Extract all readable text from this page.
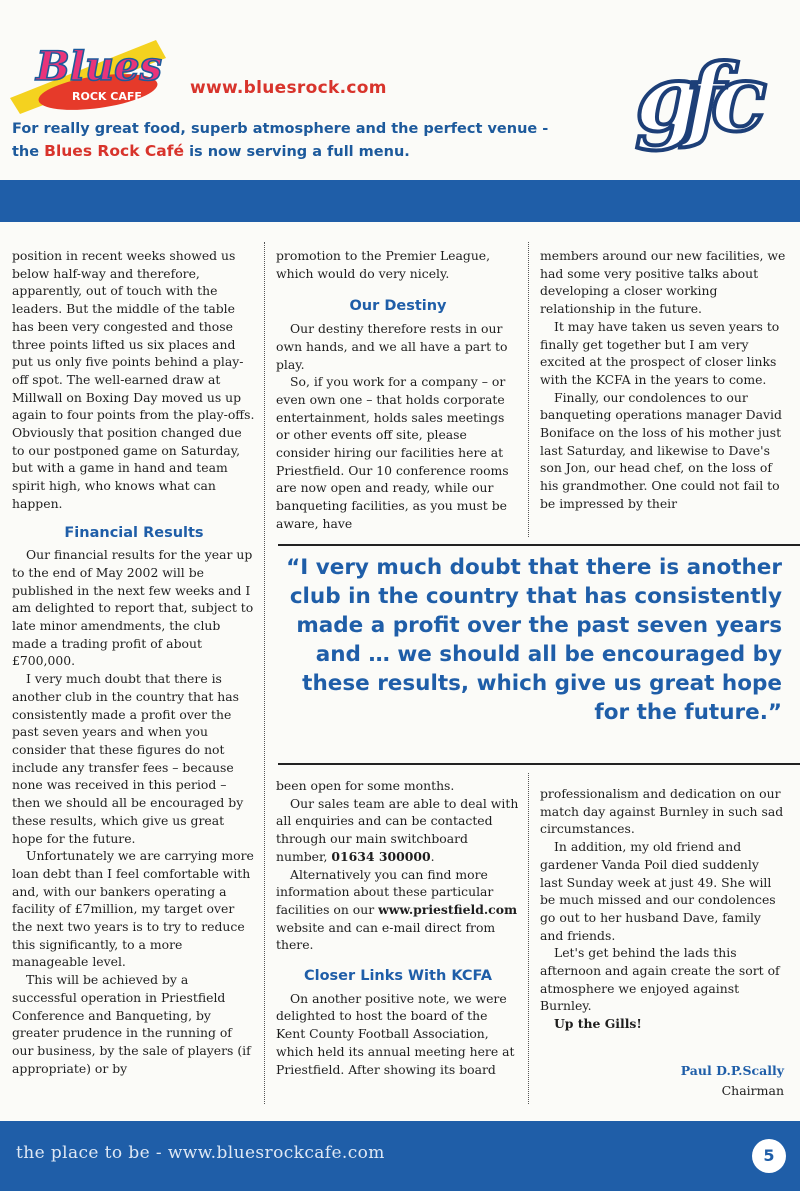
Blues
ROCK CAFE	www.bluesrock.com
For really great food, superb atmosphere and the perfect venue - the Blues Rock Café is now serving a full menu.	gfc

position in recent weeks showed us below half-way and therefore, apparently, out of touch with the leaders. But the middle of the table has been very congested and those three points lifted us six places and put us only five points behind a play-off spot. The well-earned draw at Millwall on Boxing Day moved us up again to four points from the play-offs. Obviously that position changed due to our postponed game on Saturday, but with a game in hand and team spirit high, who knows what can happen.

Financial Results

Our financial results for the year up to the end of May 2002 will be published in the next few weeks and I am delighted to report that, subject to late minor amendments, the club made a trading profit of about £700,000.

I very much doubt that there is another club in the country that has consistently made a profit over the past seven years and when you consider that these figures do not include any transfer fees – because none was received in this period – then we should all be encouraged by these results, which give us great hope for the future.

Unfortunately we are carrying more loan debt than I feel comfortable with and, with our bankers operating a facility of £7million, my target over the next two years is to try to reduce this significantly, to a more manageable level.

This will be achieved by a successful operation in Priestfield Conference and Banqueting, by greater prudence in the running of our business, by the sale of players (if appropriate) or by

promotion to the Premier League, which would do very nicely.

Our Destiny

Our destiny therefore rests in our own hands, and we all have a part to play.

So, if you work for a company – or even own one – that holds corporate entertainment, holds sales meetings or other events off site, please consider hiring our facilities here at Priestfield. Our 10 conference rooms are now open and ready, while our banqueting facilities, as you must be aware, have

members around our new facilities, we had some very positive talks about developing a closer working relationship in the future.

It may have taken us seven years to finally get together but I am very excited at the prospect of closer links with the KCFA in the years to come.

Finally, our condolences to our banqueting operations manager David Boniface on the loss of his mother just last Saturday, and likewise to Dave's son Jon, our head chef, on the loss of his grandmother. One could not fail to be impressed by their

“I very much doubt that there is another club in the country that has consistently made a profit over the past seven years and … we should all be encouraged by these results, which give us great hope for the future.”

been open for some months.

Our sales team are able to deal with all enquiries and can be contacted through our main switchboard number, 01634 300000.

Alternatively you can find more information about these particular facilities on our www.priestfield.com website and can e-mail direct from there.

Closer Links With KCFA

On another positive note, we were delighted to host the board of the Kent County Football Association, which held its annual meeting here at Priestfield. After showing its board

professionalism and dedication on our match day against Burnley in such sad circumstances.

In addition, my old friend and gardener Vanda Poil died suddenly last Sunday week at just 49. She will be much missed and our condolences go out to her husband Dave, family and friends.

Let's get behind the lads this afternoon and again create the sort of atmosphere we enjoyed against Burnley.

Up the Gills!

Paul D.P.Scally
Chairman
the place to be - www.bluesrockcafe.com	5
